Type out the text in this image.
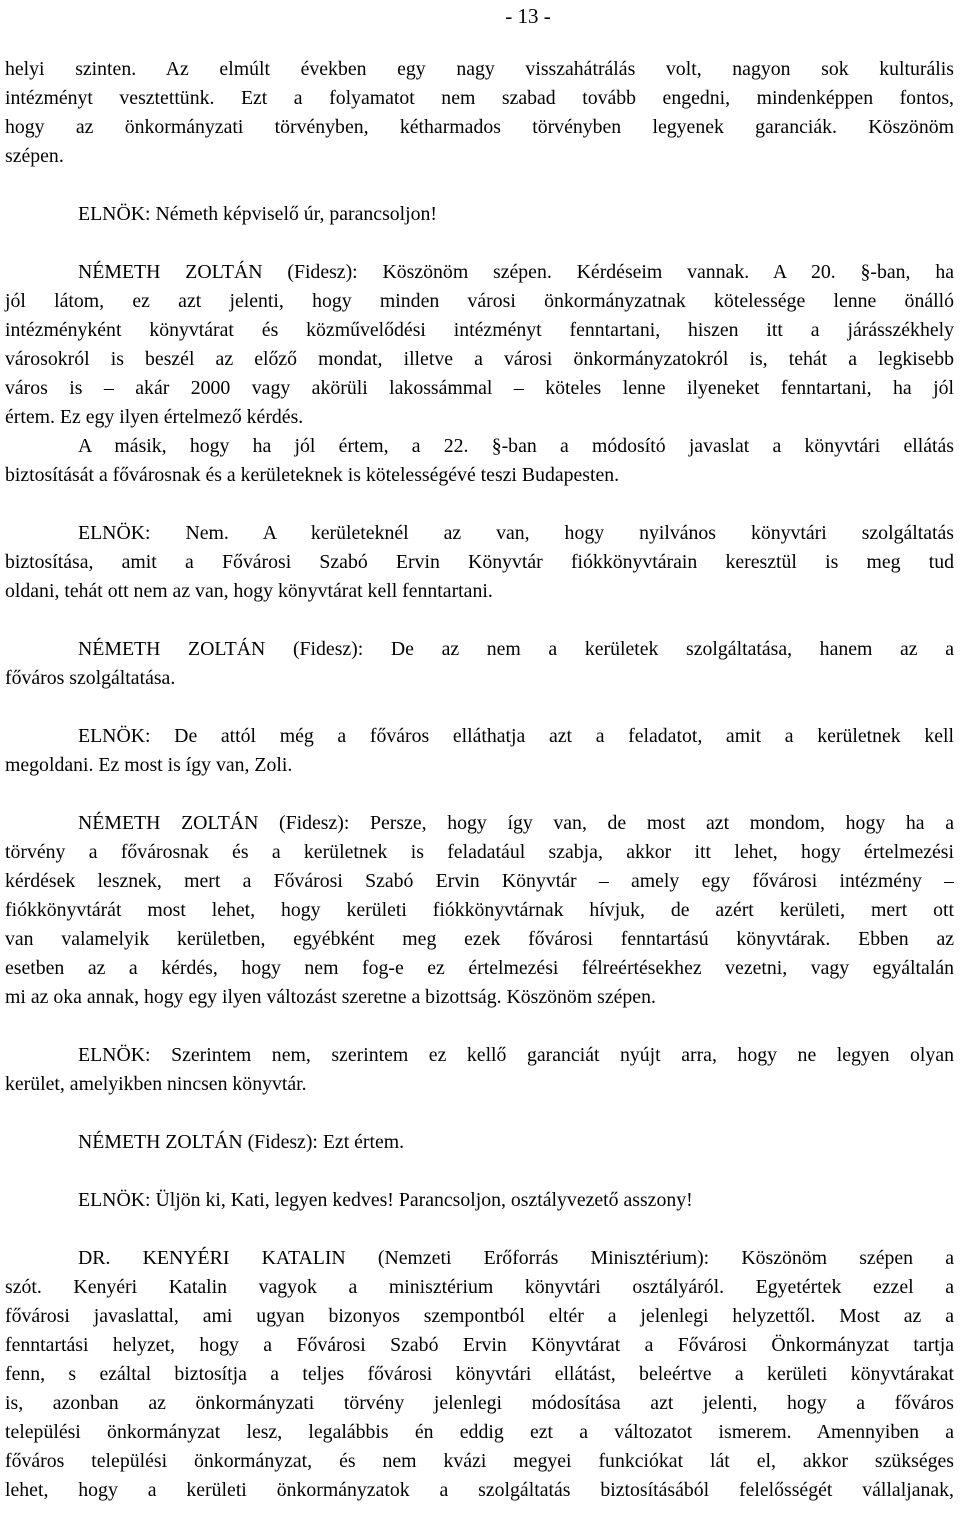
- 13 -
helyi szinten. Az elmúlt években egy nagy visszahátrálás volt, nagyon sok kulturális
intézményt vesztettünk. Ezt a folyamatot nem szabad tovább engedni, mindenképpen fontos,
hogy az önkormányzati törvényben, kétharmados törvényben legyenek garanciák. Köszönöm
szépen.
ELNÖK: Németh képviselő úr, parancsoljon!
NÉMETH ZOLTÁN (Fidesz): Köszönöm szépen. Kérdéseim vannak. A 20. §-ban, ha
jól látom, ez azt jelenti, hogy minden városi önkormányzatnak kötelessége lenne önálló
intézményként könyvtárat és közművelődési intézményt fenntartani, hiszen itt a járásszékhely
városokról is beszél az előző mondat, illetve a városi önkormányzatokról is, tehát a legkisebb
város is – akár 2000 vagy akörüli lakossámmal – köteles lenne ilyeneket fenntartani, ha jól
értem. Ez egy ilyen értelmező kérdés.
A másik, hogy ha jól értem, a 22. §-ban a módosító javaslat a könyvtári ellátás
biztosítását a fővárosnak és a kerületeknek is kötelességévé teszi Budapesten.
ELNÖK: Nem. A kerületeknél az van, hogy nyilvános könyvtári szolgáltatás
biztosítása, amit a Fővárosi Szabó Ervin Könyvtár fiókkönyvtárain keresztül is meg tud
oldani, tehát ott nem az van, hogy könyvtárat kell fenntartani.
NÉMETH ZOLTÁN (Fidesz): De az nem a kerületek szolgáltatása, hanem az a
főváros szolgáltatása.
ELNÖK: De attól még a főváros elláthatja azt a feladatot, amit a kerületnek kell
megoldani. Ez most is így van, Zoli.
NÉMETH ZOLTÁN (Fidesz): Persze, hogy így van, de most azt mondom, hogy ha a
törvény a fővárosnak és a kerületnek is feladatául szabja, akkor itt lehet, hogy értelmezési
kérdések lesznek, mert a Fővárosi Szabó Ervin Könyvtár – amely egy fővárosi intézmény –
fiókkönyvtárát most lehet, hogy kerületi fiókkönyvtárnak hívjuk, de azért kerületi, mert ott
van valamelyik kerületben, egyébként meg ezek fővárosi fenntartású könyvtárak. Ebben az
esetben az a kérdés, hogy nem fog-e ez értelmezési félreértésekhez vezetni, vagy egyáltalán
mi az oka annak, hogy egy ilyen változást szeretne a bizottság. Köszönöm szépen.
ELNÖK: Szerintem nem, szerintem ez kellő garanciát nyújt arra, hogy ne legyen olyan
kerület, amelyikben nincsen könyvtár.
NÉMETH ZOLTÁN (Fidesz): Ezt értem.
ELNÖK: Üljön ki, Kati, legyen kedves! Parancsoljon, osztályvezető asszony!
DR. KENYÉRI KATALIN (Nemzeti Erőforrás Minisztérium): Köszönöm szépen a
szót. Kenyéri Katalin vagyok a minisztérium könyvtári osztályáról. Egyetértek ezzel a
fővárosi javaslattal, ami ugyan bizonyos szempontból eltér a jelenlegi helyzettől. Most az a
fenntartási helyzet, hogy a Fővárosi Szabó Ervin Könyvtárat a Fővárosi Önkormányzat tartja
fenn, s ezáltal biztosítja a teljes fővárosi könyvtári ellátást, beleértve a kerületi könyvtárakat
is, azonban az önkormányzati törvény jelenlegi módosítása azt jelenti, hogy a főváros
települési önkormányzat lesz, legalábbis én eddig ezt a változatot ismerem. Amennyiben a
főváros települési önkormányzat, és nem kvázi megyei funkciókat lát el, akkor szükséges
lehet, hogy a kerületi önkormányzatok a szolgáltatás biztosításából felelősségét vállaljanak,
